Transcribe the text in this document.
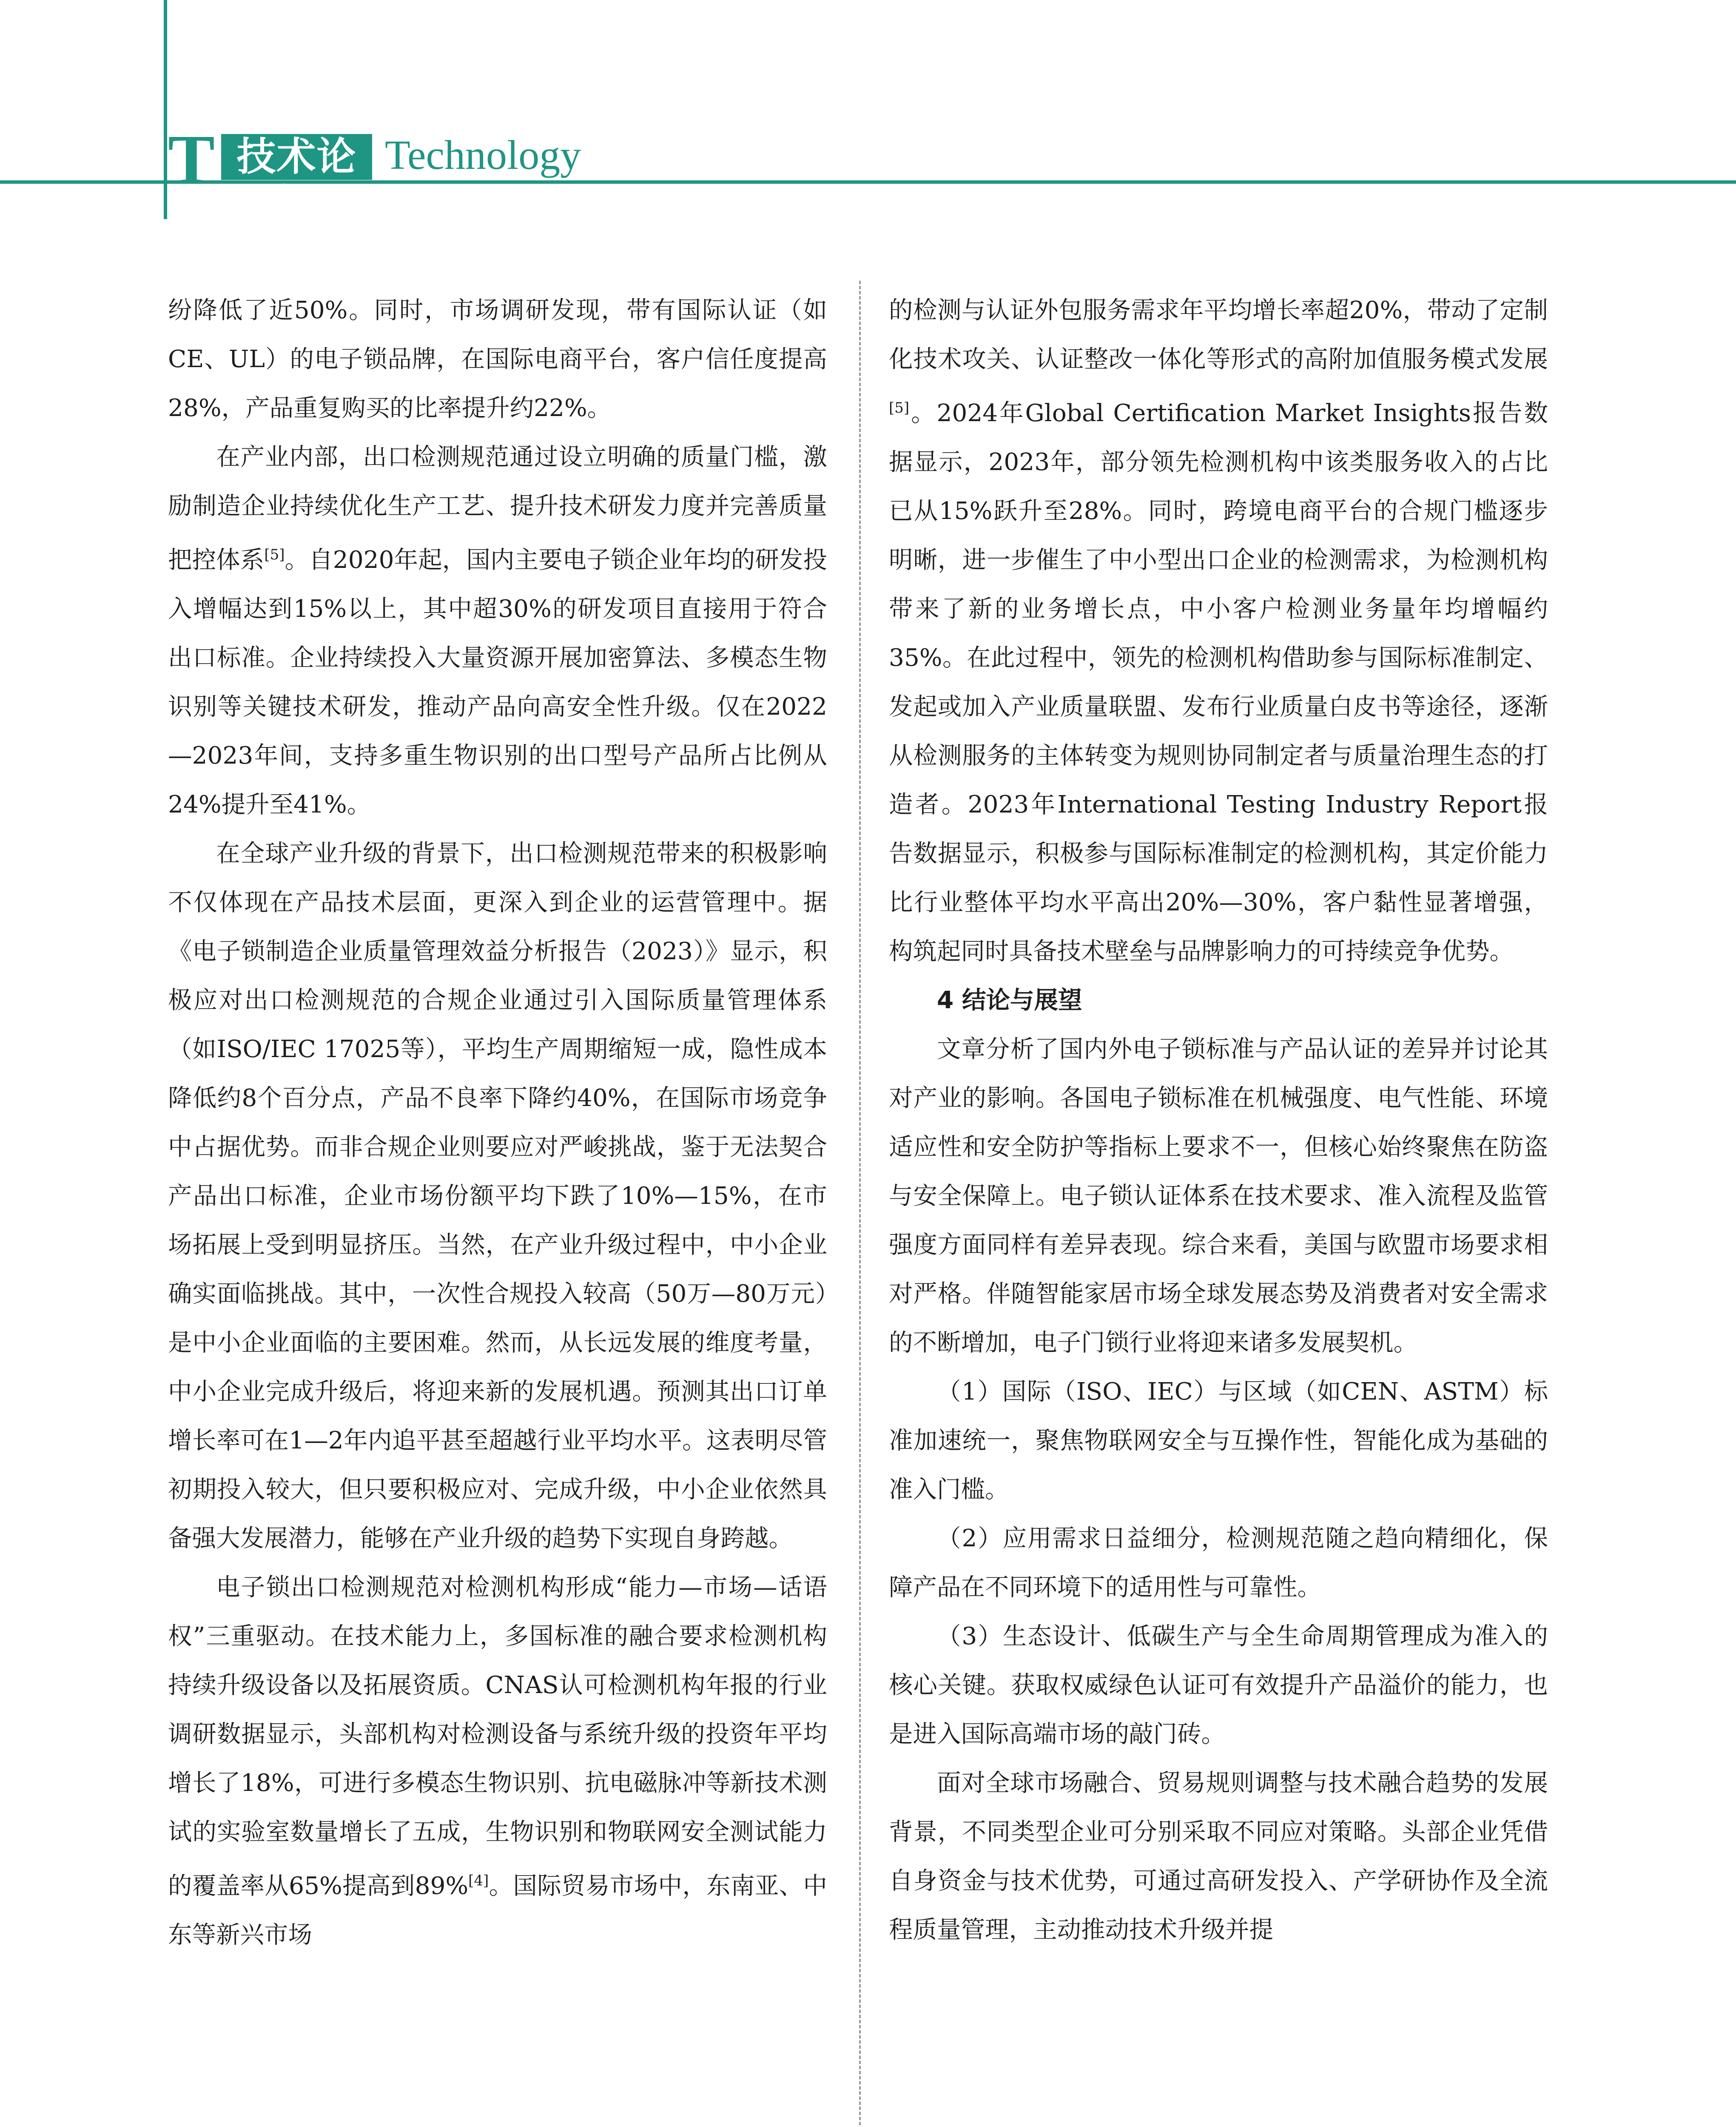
T 技术论坛
Technology

纷降低了近50%。同时，市场调研发现，带有国际认证（如CE、UL）的电子锁品牌，在国际电商平台，客户信任度提高28%，产品重复购买的比率提升约22%。

在产业内部，出口检测规范通过设立明确的质量门槛，激励制造企业持续优化生产工艺、提升技术研发力度并完善质量把控体系[5]。自2020年起，国内主要电子锁企业年均的研发投入增幅达到15%以上，其中超30%的研发项目直接用于符合出口标准。企业持续投入大量资源开展加密算法、多模态生物识别等关键技术研发，推动产品向高安全性升级。仅在2022—2023年间，支持多重生物识别的出口型号产品所占比例从24%提升至41%。

在全球产业升级的背景下，出口检测规范带来的积极影响不仅体现在产品技术层面，更深入到企业的运营管理中。据《电子锁制造企业质量管理效益分析报告（2023）》显示，积极应对出口检测规范的合规企业通过引入国际质量管理体系（如ISO/IEC 17025等），平均生产周期缩短一成，隐性成本降低约8个百分点，产品不良率下降约40%，在国际市场竞争中占据优势。而非合规企业则要应对严峻挑战，鉴于无法契合产品出口标准，企业市场份额平均下跌了10%—15%，在市场拓展上受到明显挤压。当然，在产业升级过程中，中小企业确实面临挑战。其中，一次性合规投入较高（50万—80万元）是中小企业面临的主要困难。然而，从长远发展的维度考量，中小企业完成升级后，将迎来新的发展机遇。预测其出口订单增长率可在1—2年内追平甚至超越行业平均水平。这表明尽管初期投入较大，但只要积极应对、完成升级，中小企业依然具备强大发展潜力，能够在产业升级的趋势下实现自身跨越。

电子锁出口检测规范对检测机构形成“能力—市场—话语权”三重驱动。在技术能力上，多国标准的融合要求检测机构持续升级设备以及拓展资质。CNAS认可检测机构年报的行业调研数据显示，头部机构对检测设备与系统升级的投资年平均增长了18%，可进行多模态生物识别、抗电磁脉冲等新技术测试的实验室数量增长了五成，生物识别和物联网安全测试能力的覆盖率从65%提高到89%[4]。国际贸易市场中，东南亚、中东等新兴市场

的检测与认证外包服务需求年平均增长率超20%，带动了定制化技术攻关、认证整改一体化等形式的高附加值服务模式发展[5]。2024年Global Certification Market Insights报告数据显示，2023年，部分领先检测机构中该类服务收入的占比已从15%跃升至28%。同时，跨境电商平台的合规门槛逐步明晰，进一步催生了中小型出口企业的检测需求，为检测机构带来了新的业务增长点，中小客户检测业务量年均增幅约35%。在此过程中，领先的检测机构借助参与国际标准制定、发起或加入产业质量联盟、发布行业质量白皮书等途径，逐渐从检测服务的主体转变为规则协同制定者与质量治理生态的打造者。2023年International Testing Industry Report报告数据显示，积极参与国际标准制定的检测机构，其定价能力比行业整体平均水平高出20%—30%，客户黏性显著增强，构筑起同时具备技术壁垒与品牌影响力的可持续竞争优势。

4 结论与展望

文章分析了国内外电子锁标准与产品认证的差异并讨论其对产业的影响。各国电子锁标准在机械强度、电气性能、环境适应性和安全防护等指标上要求不一，但核心始终聚焦在防盗与安全保障上。电子锁认证体系在技术要求、准入流程及监管强度方面同样有差异表现。综合来看，美国与欧盟市场要求相对严格。伴随智能家居市场全球发展态势及消费者对安全需求的不断增加，电子门锁行业将迎来诸多发展契机。

（1）国际（ISO、IEC）与区域（如CEN、ASTM）标准加速统一，聚焦物联网安全与互操作性，智能化成为基础的准入门槛。

（2）应用需求日益细分，检测规范随之趋向精细化，保障产品在不同环境下的适用性与可靠性。

（3）生态设计、低碳生产与全生命周期管理成为准入的核心关键。获取权威绿色认证可有效提升产品溢价的能力，也是进入国际高端市场的敲门砖。

面对全球市场融合、贸易规则调整与技术融合趋势的发展背景，不同类型企业可分别采取不同应对策略。头部企业凭借自身资金与技术优势，可通过高研发投入、产学研协作及全流程质量管理，主动推动技术升级并提
